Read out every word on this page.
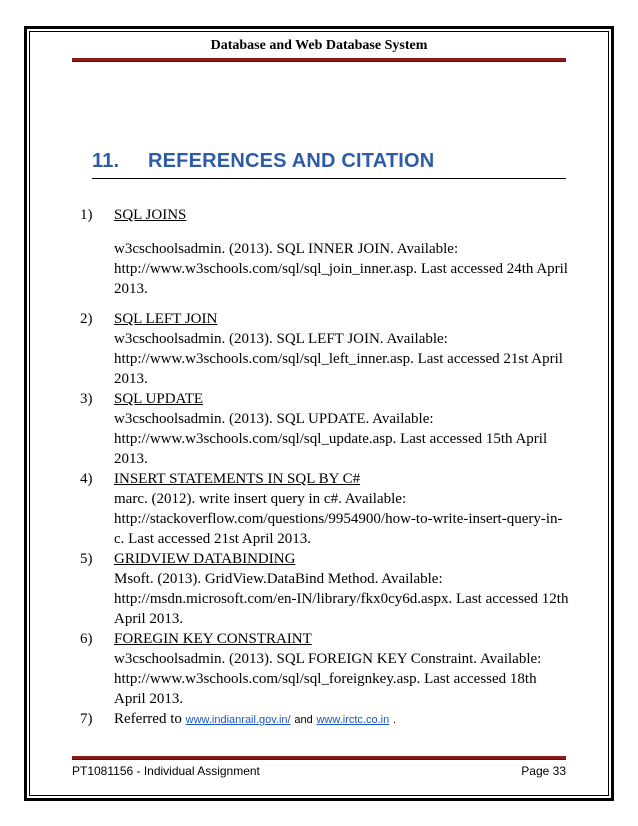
Database and Web Database System
11. REFERENCES AND CITATION
1) SQL JOINS
w3cschoolsadmin. (2013). SQL INNER JOIN. Available: http://www.w3schools.com/sql/sql_join_inner.asp. Last accessed 24th April 2013.
2) SQL LEFT JOIN
w3cschoolsadmin. (2013). SQL LEFT JOIN. Available: http://www.w3schools.com/sql/sql_left_inner.asp. Last accessed 21st April 2013.
3) SQL UPDATE
w3cschoolsadmin. (2013). SQL UPDATE. Available: http://www.w3schools.com/sql/sql_update.asp. Last accessed 15th April 2013.
4) INSERT STATEMENTS IN SQL BY C#
marc. (2012). write insert query in c#. Available: http://stackoverflow.com/questions/9954900/how-to-write-insert-query-in-c. Last accessed 21st April 2013.
5) GRIDVIEW DATABINDING
Msoft. (2013). GridView.DataBind Method. Available: http://msdn.microsoft.com/en-IN/library/fkx0cy6d.aspx. Last accessed 12th April 2013.
6) FOREGIN KEY CONSTRAINT
w3cschoolsadmin. (2013). SQL FOREIGN KEY Constraint. Available: http://www.w3schools.com/sql/sql_foreignkey.asp. Last accessed 18th April 2013.
7) Referred to www.indianrail.gov.in/ and www.irctc.co.in .
PT1081156 - Individual Assignment	Page 33
